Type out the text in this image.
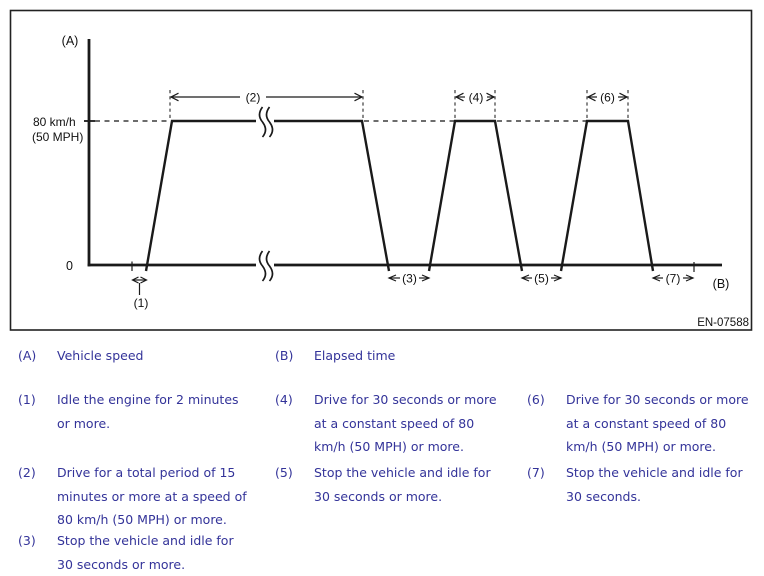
(2)	(4)	(6)
(1)
(3)	(5)	(7)
(A)
(B)
0
80 km/h
(50 MPH)
EN-07588
(A)	Vehicle speed	(B)	Elapsed time
(1)	Idle the engine for 2 minutes
or more.
(4)	Drive for 30 seconds or more
at a constant speed of 80
km/h (50 MPH) or more.
(6)	Drive for 30 seconds or more
at a constant speed of 80
km/h (50 MPH) or more.
(2)	Drive for a total period of 15
minutes or more at a speed of
80 km/h (50 MPH) or more.
(5)	Stop the vehicle and idle for
30 seconds or more.
(7)	Stop the vehicle and idle for
30 seconds.
(3)	Stop the vehicle and idle for
30 seconds or more.
